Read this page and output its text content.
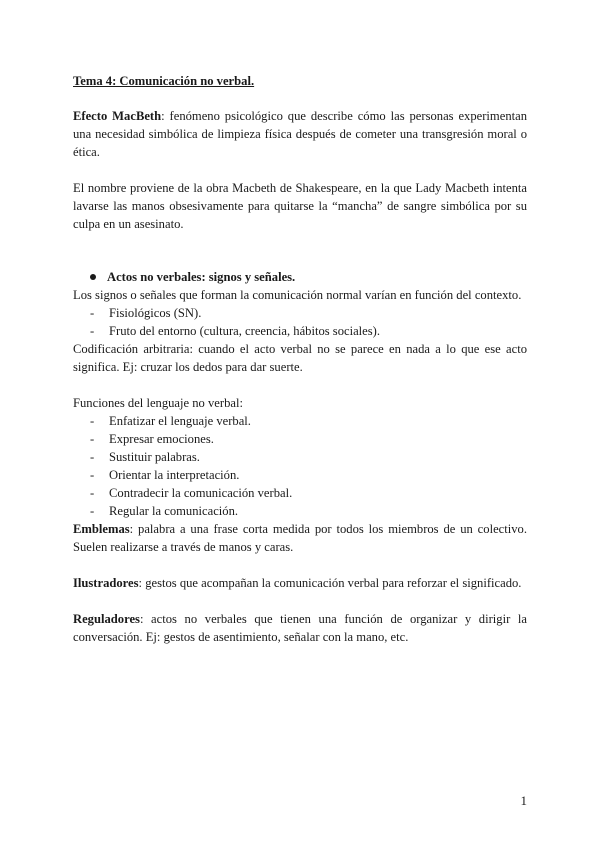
Tema 4: Comunicación no verbal.

Efecto MacBeth: fenómeno psicológico que describe cómo las personas experimentan una necesidad simbólica de limpieza física después de cometer una transgresión moral o ética.

El nombre proviene de la obra Macbeth de Shakespeare, en la que Lady Macbeth intenta lavarse las manos obsesivamente para quitarse la “mancha” de sangre simbólica por su culpa en un asesinato.

Actos no verbales: signos y señales.

Los signos o señales que forman la comunicación normal varían en función del contexto.

- Fisiológicos (SN).
- Fruto del entorno (cultura, creencia, hábitos sociales).

Codificación arbitraria: cuando el acto verbal no se parece en nada a lo que ese acto significa. Ej: cruzar los dedos para dar suerte.

Funciones del lenguaje no verbal:

- Enfatizar el lenguaje verbal.
- Expresar emociones.
- Sustituir palabras.
- Orientar la interpretación.
- Contradecir la comunicación verbal.
- Regular la comunicación.

Emblemas: palabra a una frase corta medida por todos los miembros de un colectivo. Suelen realizarse a través de manos y caras.

Ilustradores: gestos que acompañan la comunicación verbal para reforzar el significado.

Reguladores: actos no verbales que tienen una función de organizar y dirigir la conversación. Ej: gestos de asentimiento, señalar con la mano, etc.

1
